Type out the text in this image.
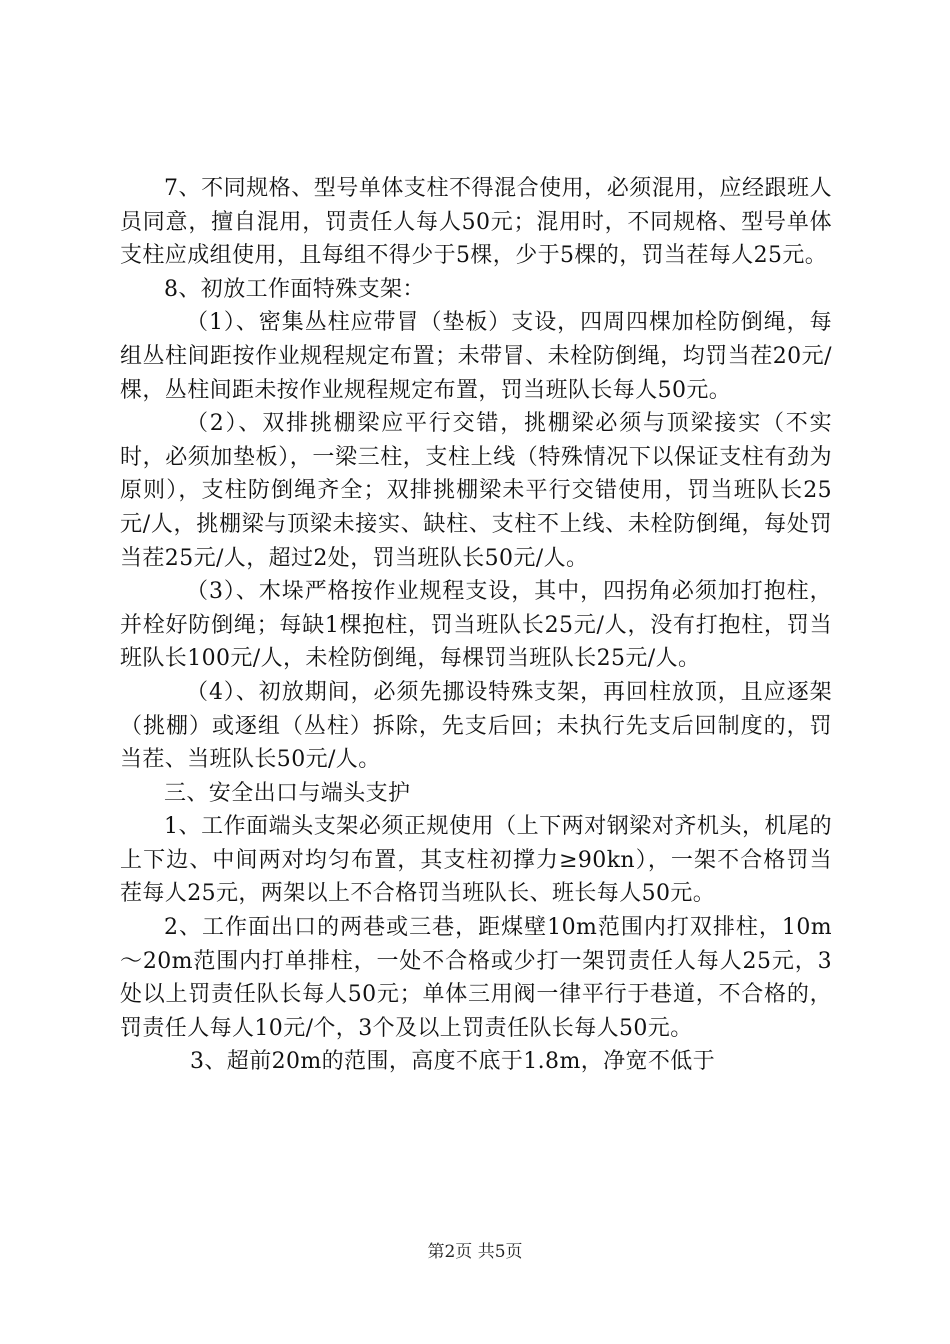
7、不同规格、型号单体支柱不得混合使用，必须混用，应经跟班人员同意，擅自混用，罚责任人每人50元；混用时，不同规格、型号单体支柱应成组使用，且每组不得少于5棵，少于5棵的，罚当茬每人25元。

8、初放工作面特殊支架：

（1）、密集丛柱应带冒（垫板）支设，四周四棵加栓防倒绳，每组丛柱间距按作业规程规定布置；未带冒、未栓防倒绳，均罚当茬20元/棵，丛柱间距未按作业规程规定布置，罚当班队长每人50元。

（2）、双排挑棚梁应平行交错，挑棚梁必须与顶梁接实（不实时，必须加垫板），一梁三柱，支柱上线（特殊情况下以保证支柱有劲为原则），支柱防倒绳齐全；双排挑棚梁未平行交错使用，罚当班队长25元/人，挑棚梁与顶梁未接实、缺柱、支柱不上线、未栓防倒绳，每处罚当茬25元/人，超过2处，罚当班队长50元/人。

（3）、木垛严格按作业规程支设，其中，四拐角必须加打抱柱，并栓好防倒绳；每缺1棵抱柱，罚当班队长25元/人，没有打抱柱，罚当班队长100元/人，未栓防倒绳，每棵罚当班队长25元/人。

（4）、初放期间，必须先挪设特殊支架，再回柱放顶，且应逐架（挑棚）或逐组（丛柱）拆除，先支后回；未执行先支后回制度的，罚当茬、当班队长50元/人。

三、安全出口与端头支护

1、工作面端头支架必须正规使用（上下两对钢梁对齐机头，机尾的上下边、中间两对均匀布置，其支柱初撑力≥90kn），一架不合格罚当茬每人25元，两架以上不合格罚当班队长、班长每人50元。

2、工作面出口的两巷或三巷，距煤壁10m范围内打双排柱，10m～20m范围内打单排柱，一处不合格或少打一架罚责任人每人25元，3处以上罚责任队长每人50元；单体三用阀一律平行于巷道，不合格的，罚责任人每人10元/个，3个及以上罚责任队长每人50元。

3、超前20m的范围，高度不底于1.8m，净宽不低于

第2页 共5页
